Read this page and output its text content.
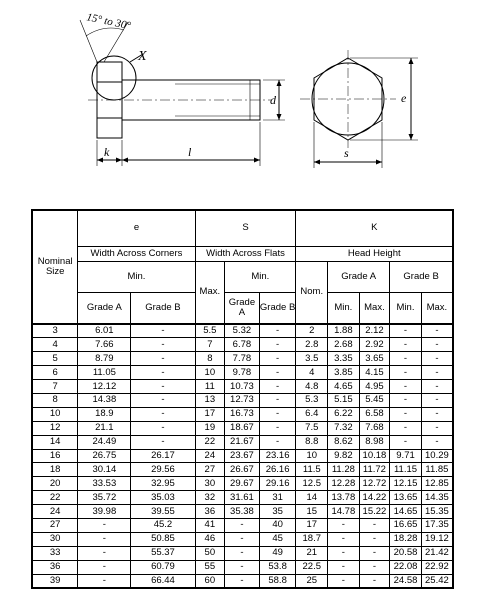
15° to 30°
X
d	e
s
k	l
Nominal Size	e		S			K				
	Width Across Corners		Width Across Flats			Head Height				
	Min.		Max.	Min.		Nom.	Grade A		Grade B	

	Grade A	Grade B		Grade A	Grade B		Min.	Max.	Min.	Max.
3	6.01	-	5.5	5.32	-	2	1.88	2.12	-	-
4	7.66	-	7	6.78	-	2.8	2.68	2.92	-	-
5	8.79	-	8	7.78	-	3.5	3.35	3.65	-	-
6	11.05	-	10	9.78	-	4	3.85	4.15	-	-
7	12.12	-	11	10.73	-	4.8	4.65	4.95	-	-
8	14.38	-	13	12.73	-	5.3	5.15	5.45	-	-
10	18.9	-	17	16.73	-	6.4	6.22	6.58	-	-
12	21.1	-	19	18.67	-	7.5	7.32	7.68	-	-
14	24.49	-	22	21.67	-	8.8	8.62	8.98	-	-
16	26.75	26.17	24	23.67	23.16	10	9.82	10.18	9.71	10.29
18	30.14	29.56	27	26.67	26.16	11.5	11.28	11.72	11.15	11.85
20	33.53	32.95	30	29.67	29.16	12.5	12.28	12.72	12.15	12.85
22	35.72	35.03	32	31.61	31	14	13.78	14.22	13.65	14.35
24	39.98	39.55	36	35.38	35	15	14.78	15.22	14.65	15.35
27	-	45.2	41	-	40	17	-	-	16.65	17.35
30	-	50.85	46	-	45	18.7	-	-	18.28	19.12
33	-	55.37	50	-	49	21	-	-	20.58	21.42
36	-	60.79	55	-	53.8	22.5	-	-	22.08	22.92
39	-	66.44	60	-	58.8	25	-	-	24.58	25.42
